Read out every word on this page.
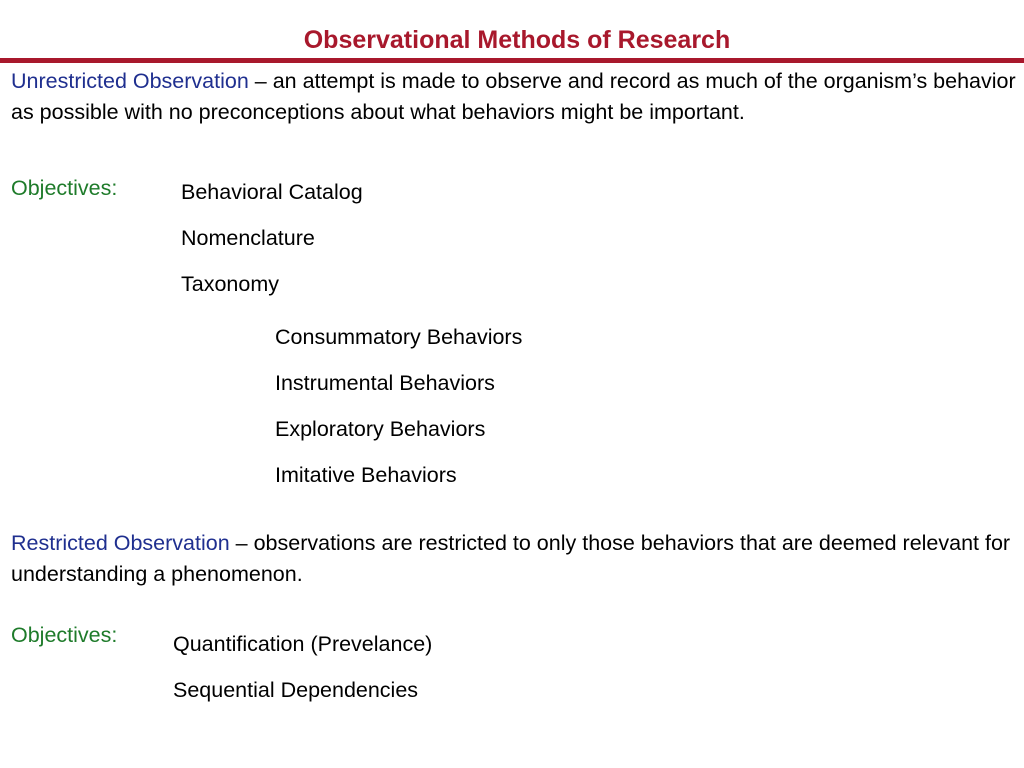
Observational Methods of Research
Unrestricted Observation – an attempt is made to observe and record as much of the organism’s behavior as possible with no preconceptions about what behaviors might be important.
Objectives:	Behavioral Catalog
Nomenclature
Taxonomy
Consummatory Behaviors
Instrumental Behaviors
Exploratory Behaviors
Imitative Behaviors
Restricted Observation – observations are restricted to only those behaviors that are deemed relevant for understanding a phenomenon.
Objectives:	Quantification (Prevelance)
Sequential Dependencies
